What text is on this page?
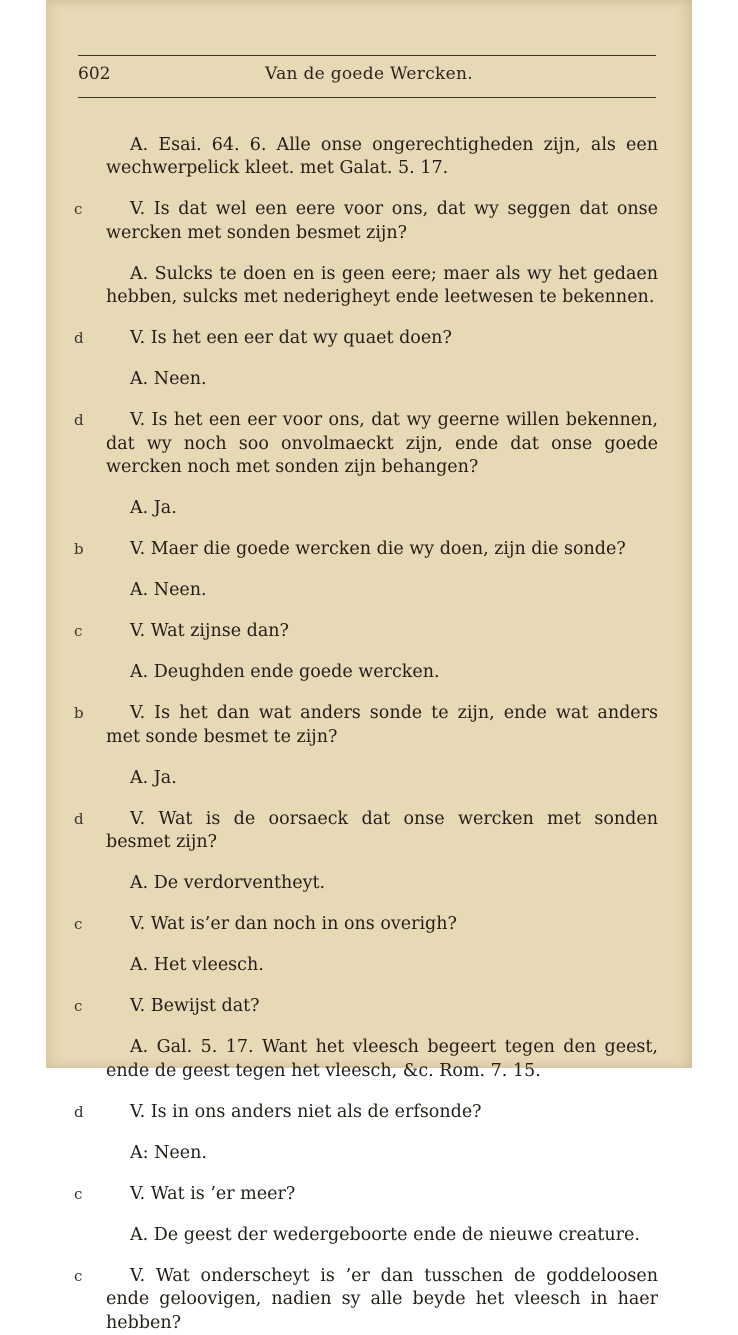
602	Van de goede Wercken.

A. Esai. 64. 6. Alle onse ongerechtigheden zijn, als een wechwerpelick kleet. met Galat. 5. 17.

c	V. Is dat wel een eere voor ons, dat wy seggen dat onse wercken met sonden besmet zijn?

A. Sulcks te doen en is geen eere; maer als wy het gedaen hebben, sulcks met nederigheyt ende leetwesen te bekennen.

d	V. Is het een eer dat wy quaet doen?

A. Neen.

d	V. Is het een eer voor ons, dat wy geerne willen bekennen, dat wy noch soo onvolmaeckt zijn, ende dat onse goede wercken noch met sonden zijn behangen?

A. Ja.

b	V. Maer die goede wercken die wy doen, zijn die sonde?

A. Neen.

c	V. Wat zijnse dan?

A. Deughden ende goede wercken.

b	V. Is het dan wat anders sonde te zijn, ende wat anders met sonde besmet te zijn?

A. Ja.

d	V. Wat is de oorsaeck dat onse wercken met sonden besmet zijn?

A. De verdorventheyt.

c	V. Wat is’er dan noch in ons overigh?

A. Het vleesch.

c	V. Bewijst dat?

A. Gal. 5. 17. Want het vleesch begeert tegen den geest, ende de geest tegen het vleesch, &c. Rom. 7. 15.

d	V. Is in ons anders niet als de erfsonde?

A: Neen.

c	V. Wat is ’er meer?

A. De geest der wedergeboorte ende de nieuwe creature.

c	V. Wat onderscheyt is ’er dan tusschen de goddeloosen ende geloovigen, nadien sy alle beyde het vleesch in haer hebben?
